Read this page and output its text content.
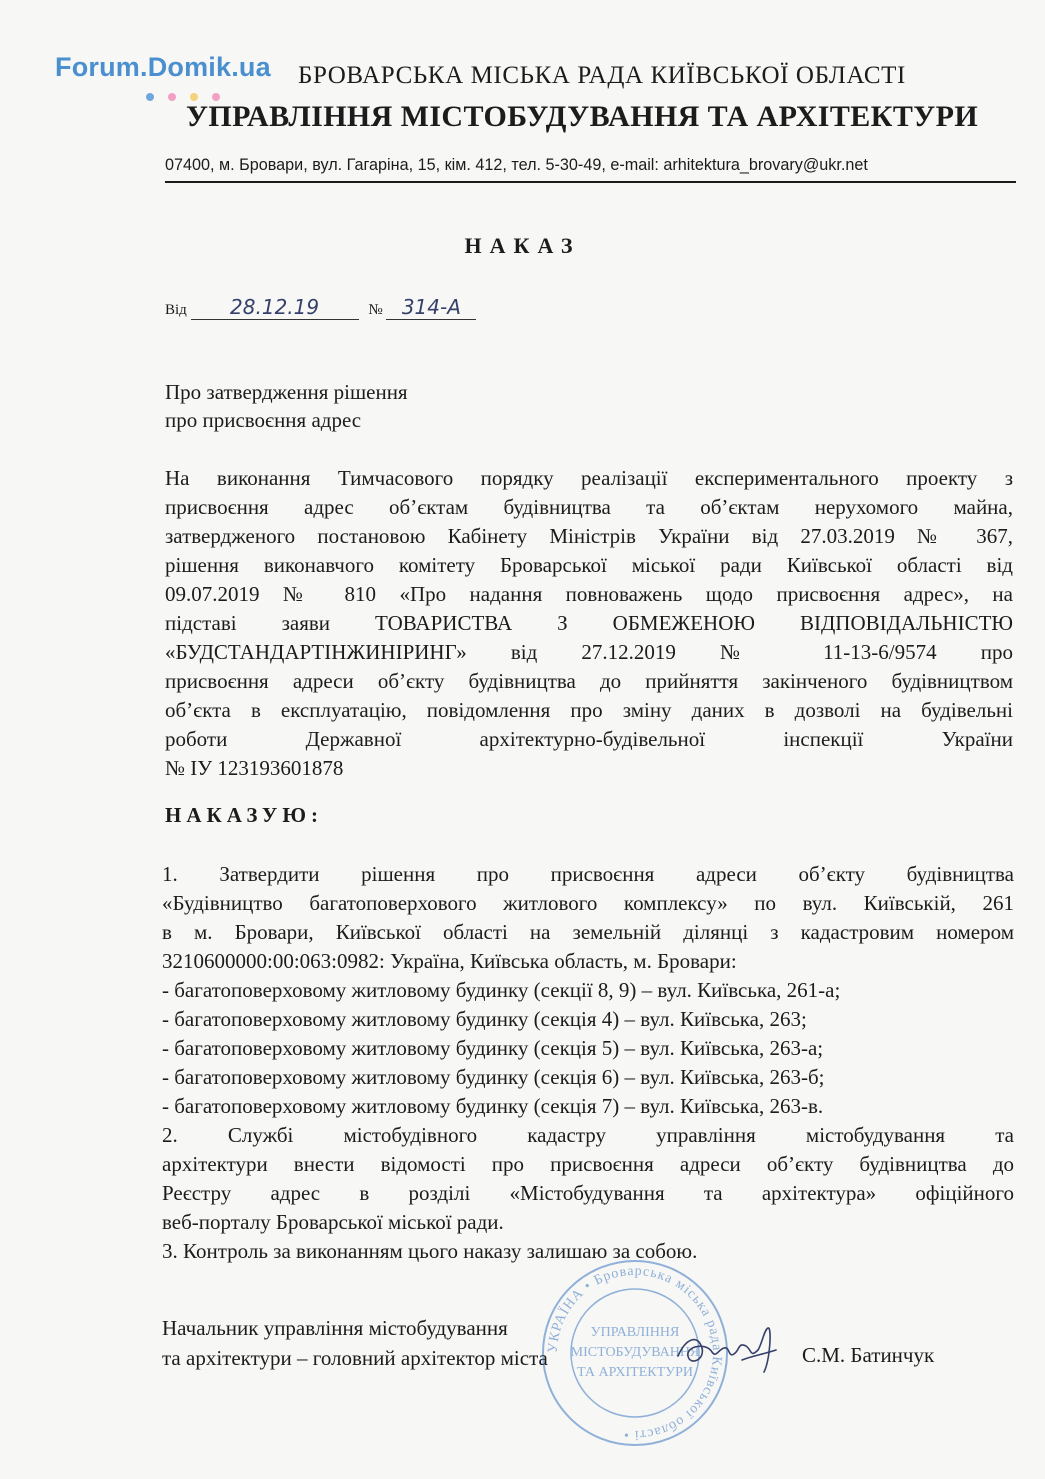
Forum.Domik.ua БРОВАРСЬКА МІСЬКА РАДА КИЇВСЬКОЇ ОБЛАСТІ
УПРАВЛІННЯ МІСТОБУДУВАННЯ ТА АРХІТЕКТУРИ
07400, м. Бровари, вул. Гагаріна, 15, кім. 412, тел. 5-30-49, e-mail: arhitektura_brovary@ukr.net
НАКАЗ
Від 28.12.19	№ 314-А
Про затвердження рішення
про присвоєння адрес
На виконання Тимчасового порядку реалізації експериментального проекту з
присвоєння адрес об’єктам будівництва та об’єктам нерухомого майна,
затвердженого постановою Кабінету Міністрів України від 27.03.2019 № 367,
рішення виконавчого комітету Броварської міської ради Київської області від
09.07.2019 № 810 «Про надання повноважень щодо присвоєння адрес», на
підставі заяви ТОВАРИСТВА З ОБМЕЖЕНОЮ ВІДПОВІДАЛЬНІСТЮ
«БУДСТАНДАРТІНЖИНІРИНГ» від 27.12.2019 № 11-13-6/9574 про
присвоєння адреси об’єкту будівництва до прийняття закінченого будівництвом
об’єкта в експлуатацію, повідомлення про зміну даних в дозволі на будівельні
роботи Державної архітектурно-будівельної інспекції України
№ ІУ 123193601878
НАКАЗУЮ:
1. Затвердити рішення про присвоєння адреси об’єкту будівництва
«Будівництво багатоповерхового житлового комплексу» по вул. Київській, 261
в м. Бровари, Київської області на земельній ділянці з кадастровим номером
3210600000:00:063:0982: Україна, Київська область, м. Бровари:
- багатоповерховому житловому будинку (секції 8, 9) – вул. Київська, 261-а;
- багатоповерховому житловому будинку (секція 4) – вул. Київська, 263;
- багатоповерховому житловому будинку (секція 5) – вул. Київська, 263-а;
- багатоповерховому житловому будинку (секція 6) – вул. Київська, 263-б;
- багатоповерховому житловому будинку (секція 7) – вул. Київська, 263-в.
2. Службі містобудівного кадастру управління містобудування та
архітектури внести відомості про присвоєння адреси об’єкту будівництва до
Реєстру адрес в розділі «Містобудування та архітектура» офіційного
веб-порталу Броварської міської ради.
3. Контроль за виконанням цього наказу залишаю за собою.
УКРАЇНА • Броварська міська рада Київської області •
УПРАВЛІННЯ
МІСТОБУДУВАННЯ
ТА АРХІТЕКТУРИ
Начальник управління містобудування
та архітектури – головний архітектор міста	С.М. Батинчук
